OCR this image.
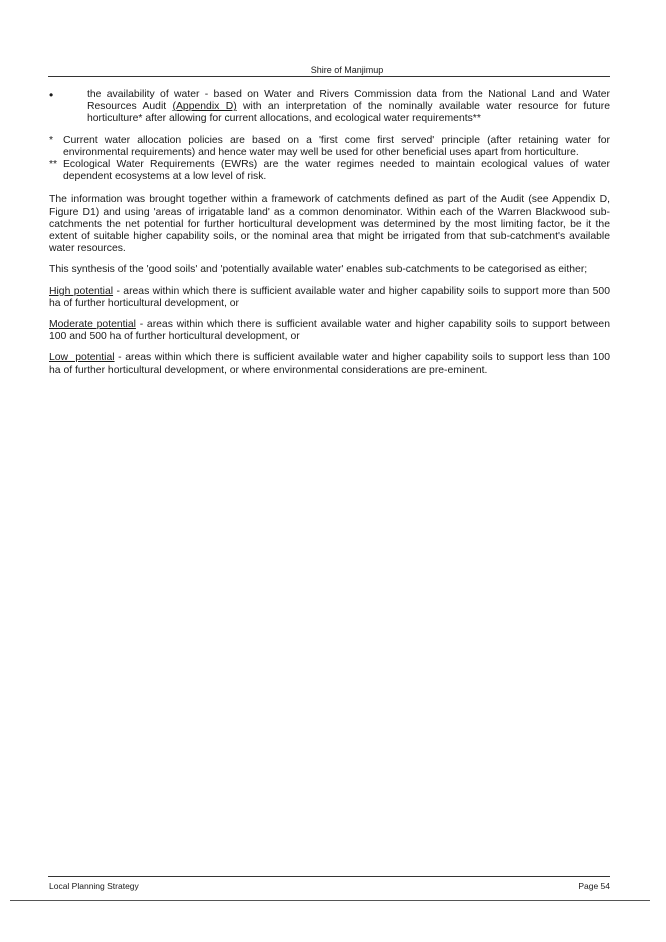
Shire of Manjimup
•	the availability of water - based on Water and Rivers Commission data from the National Land and Water Resources Audit (Appendix D) with an interpretation of the nominally available water resource for future horticulture* after allowing for current allocations, and ecological water requirements**
* Current water allocation policies are based on a 'first come first served' principle (after retaining water for environmental requirements) and hence water may well be used for other beneficial uses apart from horticulture.
** Ecological Water Requirements (EWRs) are the water regimes needed to maintain ecological values of water dependent ecosystems at a low level of risk.

The information was brought together within a framework of catchments defined as part of the Audit (see Appendix D, Figure D1) and using 'areas of irrigatable land' as a common denominator. Within each of the Warren Blackwood sub-catchments the net potential for further horticultural development was determined by the most limiting factor, be it the extent of suitable higher capability soils, or the nominal area that might be irrigated from that sub-catchment's available water resources.

This synthesis of the 'good soils' and 'potentially available water' enables sub-catchments to be categorised as either;

High potential - areas within which there is sufficient available water and higher capability soils to support more than 500 ha of further horticultural development, or

Moderate potential - areas within which there is sufficient available water and higher capability soils to support between 100 and 500 ha of further horticultural development, or

Low  potential - areas within which there is sufficient available water and higher capability soils to support less than 100 ha of further horticultural development, or where environmental considerations are pre-eminent.

Local Planning Strategy	Page 54
